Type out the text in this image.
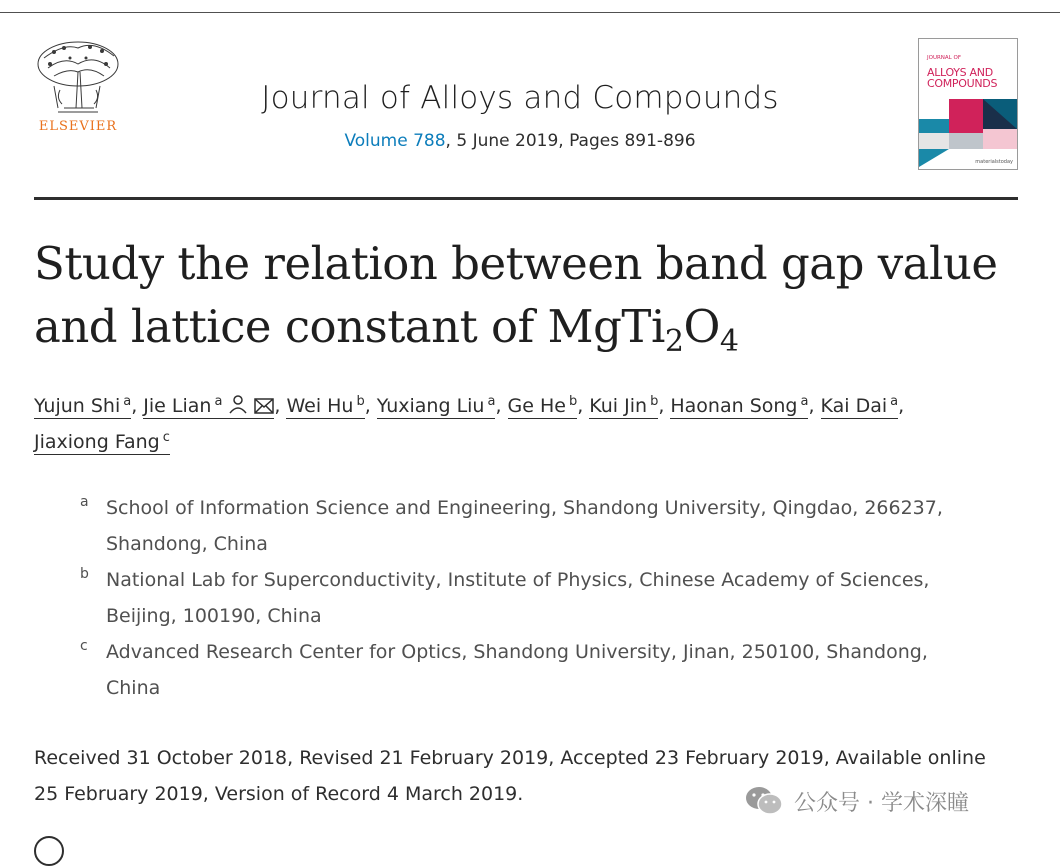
ELSEVIER
Journal of Alloys and Compounds
Volume 788, 5 June 2019, Pages 891-896
JOURNAL OF
ALLOYS AND
COMPOUNDS
materialstoday
Study the relation between band gap value
and lattice constant of $MgTi_2O_4$
Yujun Shi $^a$, Jie Lian $^a$	, Wei Hu $^b$, Yuxiang Liu $^a$, Ge He $^b$, Kui Jin $^b$, Haonan Song $^a$, Kai Dai $^a$,
Jiaxiong Fang $^c$
a School of Information Science and Engineering, Shandong University, Qingdao, 266237,
Shandong, China
b National Lab for Superconductivity, Institute of Physics, Chinese Academy of Sciences,
Beijing, 100190, China
c Advanced Research Center for Optics, Shandong University, Jinan, 250100, Shandong,
China
Received 31 October 2018, Revised 21 February 2019, Accepted 23 February 2019, Available online
25 February 2019, Version of Record 4 March 2019.	公众号 · 学术深瞳
